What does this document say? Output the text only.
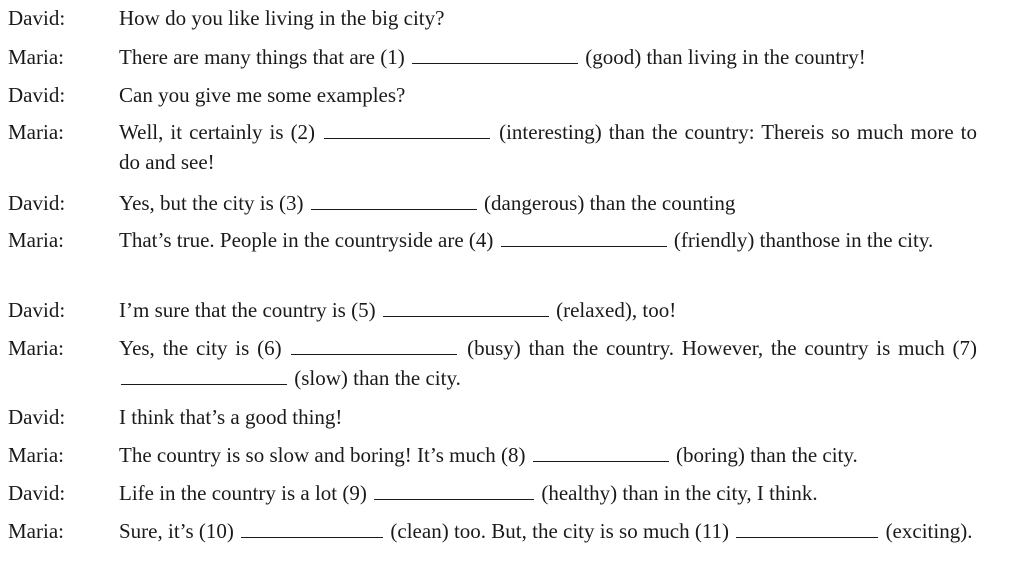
David:	How do you like living in the big city?
Maria:	There are many things that are (1)	(good) than living in the country!
David:	Can you give me some examples?
Maria:	Well, it certainly is (2)	(interesting) than the country: Thereis so much more to do and see!
David:	Yes, but the city is (3)	(dangerous) than the counting
Maria:	That’s true. People in the countryside are (4)	(friendly) thanthose in the city.
David:	I’m sure that the country is (5)	(relaxed), too!
Maria:	Yes, the city is (6)	(busy) than the country. However, the country is much (7)  (slow) than the city.
David:	I think that’s a good thing!
Maria:	The country is so slow and boring! It’s much (8)	(boring) than the city.
David:	Life in the country is a lot (9)	(healthy) than in the city, I think.
Maria:	Sure, it’s (10)	(clean) too. But, the city is so much (11)	(exciting).
